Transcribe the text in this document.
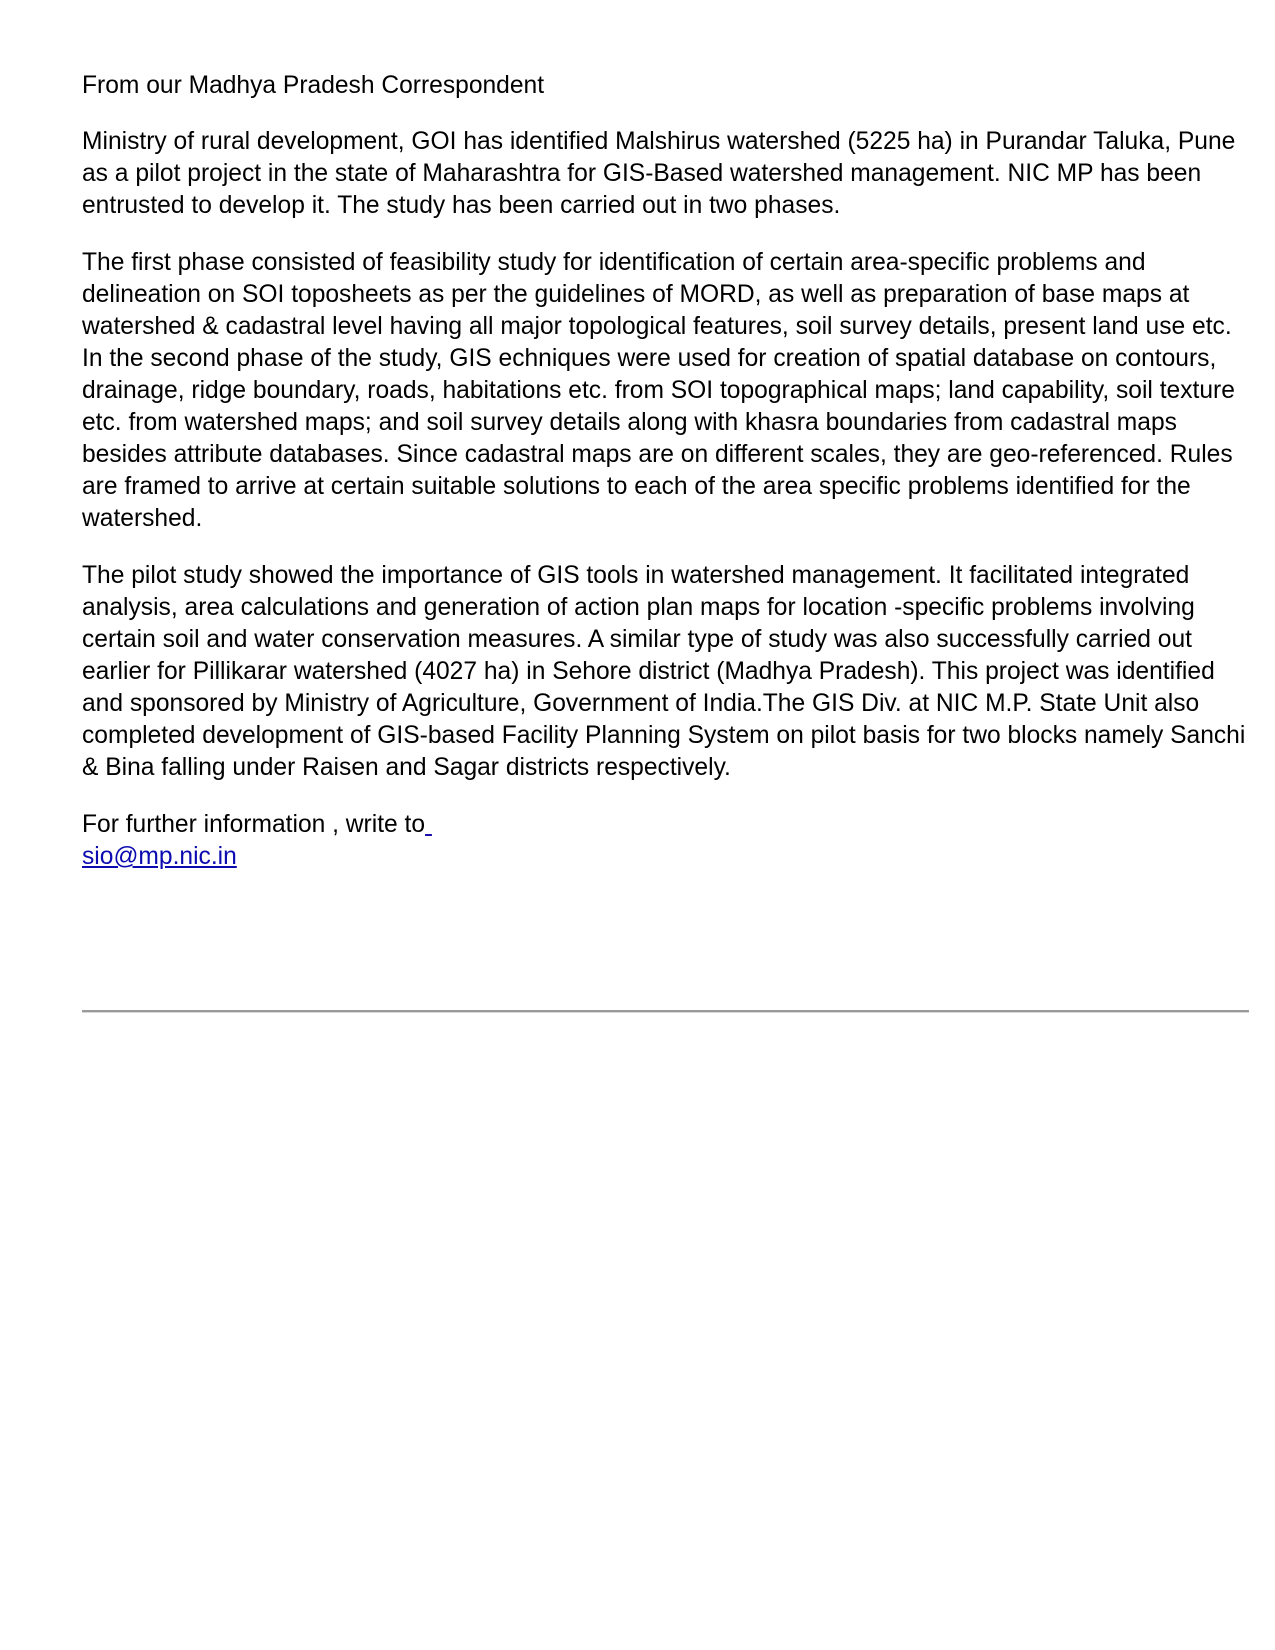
From our Madhya Pradesh Correspondent

Ministry of rural development, GOI has identified Malshirus watershed (5225 ha) in Purandar Taluka, Pune as a pilot project in the state of Maharashtra for GIS-Based watershed management. NIC MP has been entrusted to develop it. The study has been carried out in two phases.

The first phase consisted of feasibility study for identification of certain area-specific problems and delineation on SOI toposheets as per the guidelines of MORD, as well as preparation of base maps at watershed & cadastral level having all major topological features, soil survey details, present land use etc. In the second phase of the study, GIS echniques were used for creation of spatial database on contours, drainage, ridge boundary, roads, habitations etc. from SOI topographical maps; land capability, soil texture etc. from watershed maps; and soil survey details along with khasra boundaries from cadastral maps besides attribute databases. Since cadastral maps are on different scales, they are geo-referenced. Rules are framed to arrive at certain suitable solutions to each of the area specific problems identified for the watershed.

The pilot study showed the importance of GIS tools in watershed management. It facilitated integrated analysis, area calculations and generation of action plan maps for location -specific problems involving certain soil and water conservation measures. A similar type of study was also successfully carried out earlier for Pillikarar watershed (4027 ha) in Sehore district (Madhya Pradesh). This project was identified and sponsored by Ministry of Agriculture, Government of India.The GIS Div. at NIC M.P. State Unit also completed development of GIS-based Facility Planning System on pilot basis for two blocks namely Sanchi & Bina falling under Raisen and Sagar districts respectively.

For further information , write to
sio@mp.nic.in
